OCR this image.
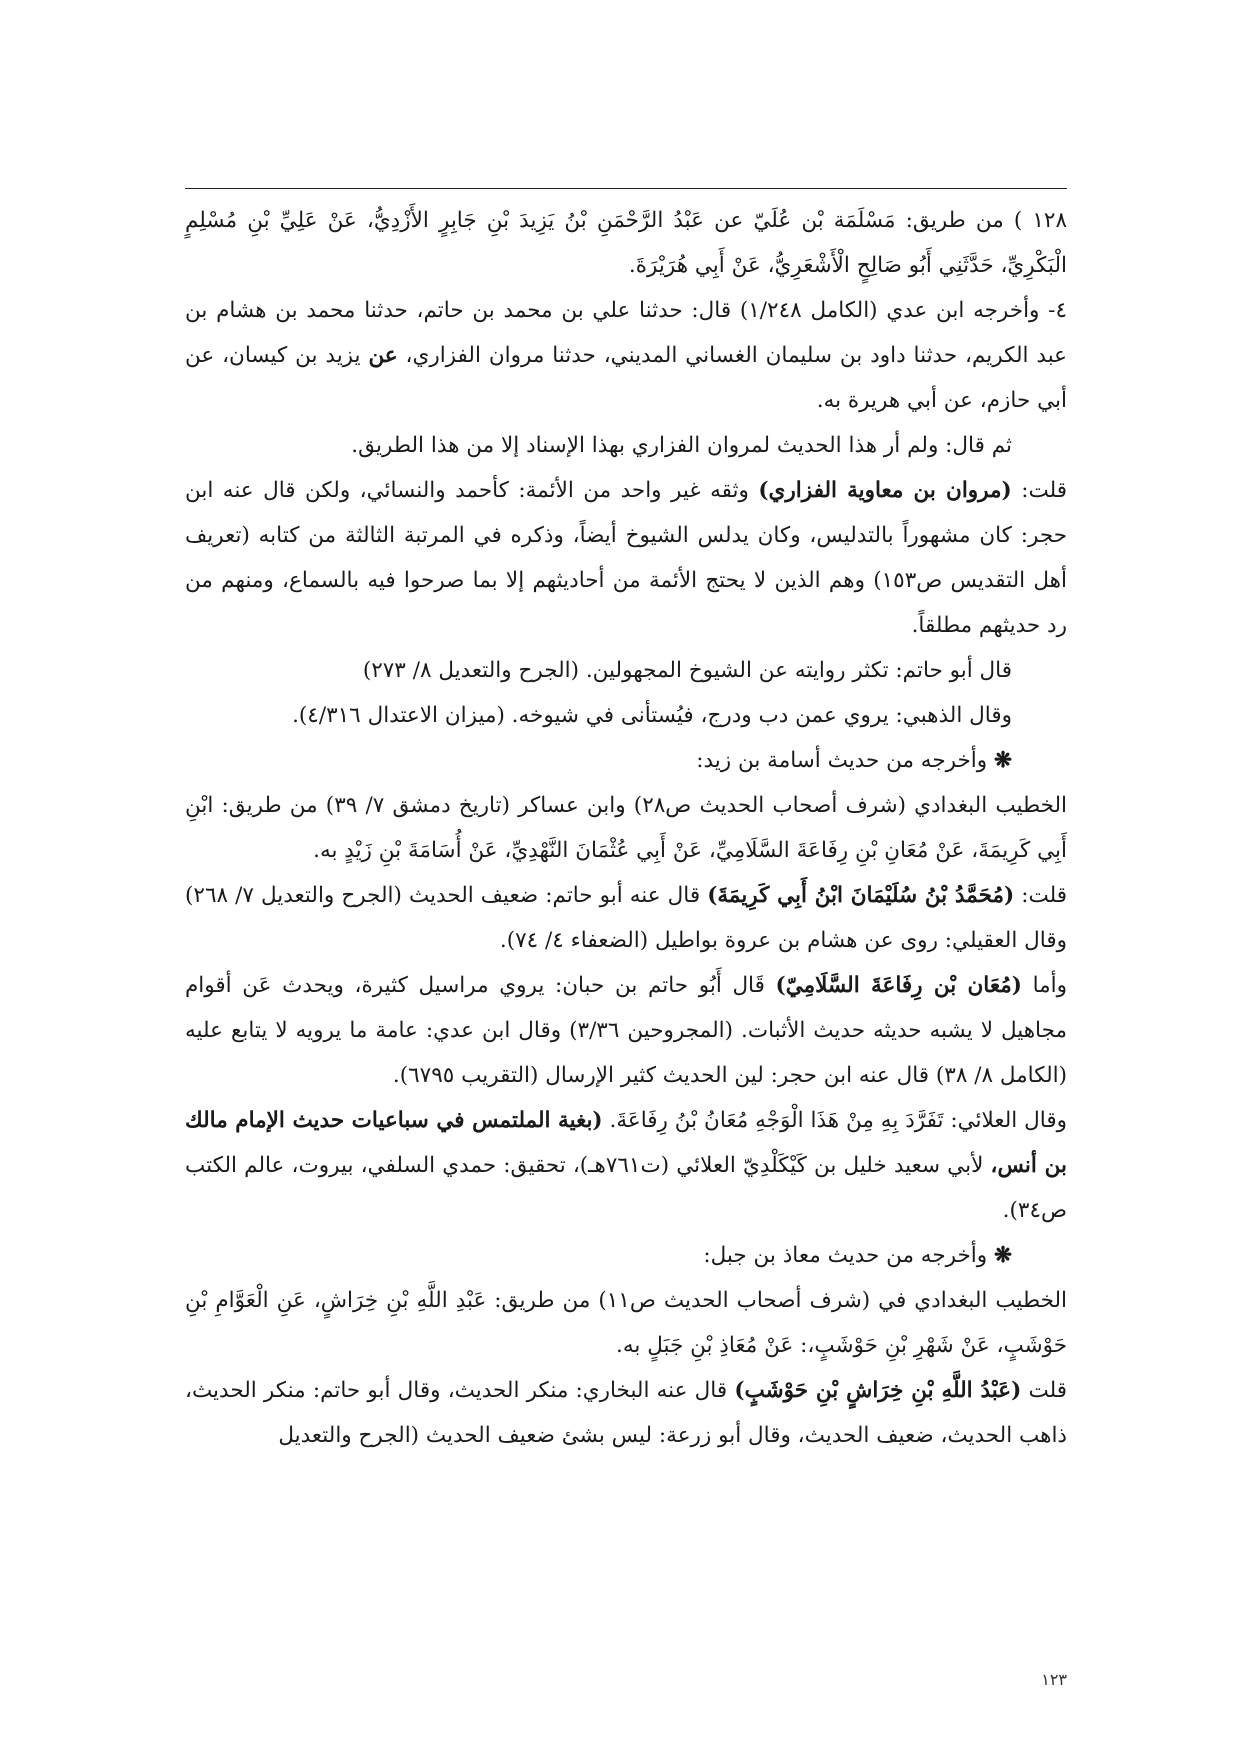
١٢٨ ) من طريق: مَسْلَمَة بْن عُلَيّ عن عَبْدُ الرَّحْمَنِ بْنُ يَزِيدَ بْنِ جَابِرٍ الأَزْدِيُّ، عَنْ عَلِيِّ بْنِ مُسْلِمٍ الْبَكْرِيِّ، حَدَّثَنِي أَبُو صَالِحٍ الْأَشْعَرِيُّ، عَنْ أَبِي هُرَيْرَةَ.

٤- وأخرجه ابن عدي (الكامل ١/٢٤٨) قال: حدثنا علي بن محمد بن حاتم، حدثنا محمد بن هشام بن عبد الكريم، حدثنا داود بن سليمان الغساني المديني، حدثنا مروان الفزاري، عن يزيد بن كيسان، عن أبي حازم، عن أبي هريرة به.

ثم قال: ولم أر هذا الحديث لمروان الفزاري بهذا الإسناد إلا من هذا الطريق.

قلت: (مروان بن معاوية الفزاري) وثقه غير واحد من الأئمة: كأحمد والنسائي، ولكن قال عنه ابن حجر: كان مشهوراً بالتدليس، وكان يدلس الشيوخ أيضاً، وذكره في المرتبة الثالثة من كتابه (تعريف أهل التقديس ص١٥٣) وهم الذين لا يحتج الأئمة من أحاديثهم إلا بما صرحوا فيه بالسماع، ومنهم من رد حديثهم مطلقاً.

قال أبو حاتم: تكثر روايته عن الشيوخ المجهولين. (الجرح والتعديل ٨/ ٢٧٣)

وقال الذهبي: يروي عمن دب ودرج، فيُستأنى في شيوخه. (ميزان الاعتدال ٤/٣١٦).

❋ وأخرجه من حديث أسامة بن زيد:

الخطيب البغدادي (شرف أصحاب الحديث ص٢٨) وابن عساكر (تاريخ دمشق ٧/ ٣٩) من طريق: ابْنِ أَبِي كَرِيمَةَ، عَنْ مُعَانِ بْنِ رِفَاعَةَ السَّلَامِيِّ، عَنْ أَبِي عُثْمَانَ النَّهْدِيِّ، عَنْ أُسَامَةَ بْنِ زَيْدٍ به.

قلت: (مُحَمَّدُ بْنُ سُلَيْمَانَ ابْنُ أَبِي كَرِيمَةَ) قال عنه أبو حاتم: ضعيف الحديث (الجرح والتعديل ٧/ ٢٦٨) وقال العقيلي: روى عن هشام بن عروة بواطيل (الضعفاء ٤/ ٧٤).

وأما (مُعَان بْن رِفَاعَةَ السَّلَامِيّ) قَال أَبُو حاتم بن حبان: يروي مراسيل كثيرة، ويحدث عَن أقوام مجاهيل لا يشبه حديثه حديث الأثبات. (المجروحين ٣/٣٦) وقال ابن عدي: عامة ما يرويه لا يتابع عليه (الكامل ٨/ ٣٨) قال عنه ابن حجر: لين الحديث كثير الإرسال (التقريب ٦٧٩٥).

وقال العلائي: تَفَرَّدَ بِهِ مِنْ هَذَا الْوَجْهِ مُعَانُ بْنُ رِفَاعَةَ. (بغية الملتمس في سباعيات حديث الإمام مالك بن أنس، لأبي سعيد خليل بن كَيْكَلْدِيّ العلائي (ت٧٦١هـ)، تحقيق: حمدي السلفي، بيروت، عالم الكتب ص٣٤).

❋ وأخرجه من حديث معاذ بن جبل:

الخطيب البغدادي في (شرف أصحاب الحديث ص١١) من طريق: عَبْدِ اللَّهِ بْنِ خِرَاشٍ، عَنِ الْعَوَّامِ بْنِ حَوْشَبٍ، عَنْ شَهْرِ بْنِ حَوْشَبٍ،: عَنْ مُعَاذِ بْنِ جَبَلٍ به.

قلت (عَبْدُ اللَّهِ بْنِ خِرَاشٍ بْنِ حَوْشَبٍ) قال عنه البخاري: منكر الحديث، وقال أبو حاتم: منكر الحديث، ذاهب الحديث، ضعيف الحديث، وقال أبو زرعة: ليس بشئ ضعيف الحديث (الجرح والتعديل

١٢٣
